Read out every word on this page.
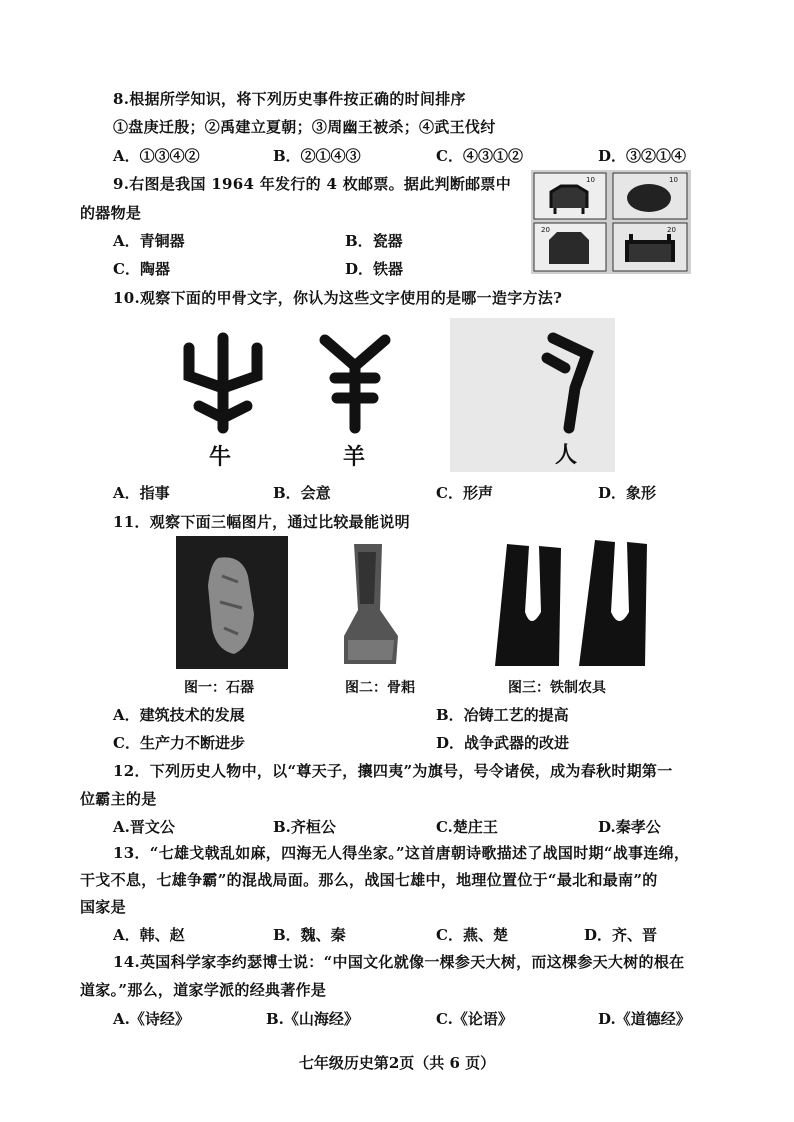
8.根据所学知识，将下列历史事件按正确的时间排序
①盘庚迁殷；②禹建立夏朝；③周幽王被杀；④武王伐纣
A．①③④②	B．②①④③	C．④③①②	D．③②①④
9.右图是我国 1964 年发行的 4 枚邮票。据此判断邮票中
的器物是
A．青铜器	B．瓷器
C．陶器	D．铁器
10	10
20	20
10.观察下面的甲骨文字，你认为这些文字使用的是哪一造字方法?
牛	羊	人
A．指事	B．会意	C．形声	D．象形
11．观察下面三幅图片，通过比较最能说明
图一：石器	图二：骨耜	图三：铁制农具
A．建筑技术的发展	B．冶铸工艺的提高
C．生产力不断进步	D．战争武器的改进
12．下列历史人物中，以“尊天子，攘四夷”为旗号，号令诸侯，成为春秋时期第一
位霸主的是
A.晋文公	B.齐桓公	C.楚庄王	D.秦孝公
13．“七雄戈戟乱如麻，四海无人得坐家。”这首唐朝诗歌描述了战国时期“战事连绵，
干戈不息，七雄争霸”的混战局面。那么，战国七雄中，地理位置位于“最北和最南”的
国家是
A．韩、赵	B．魏、秦	C．燕、楚	D．齐、晋
14.英国科学家李约瑟博士说：“中国文化就像一棵参天大树，而这棵参天大树的根在
道家。”那么，道家学派的经典著作是
A.《诗经》	B.《山海经》	C.《论语》	D.《道德经》
七年级历史第2页（共 6 页）
